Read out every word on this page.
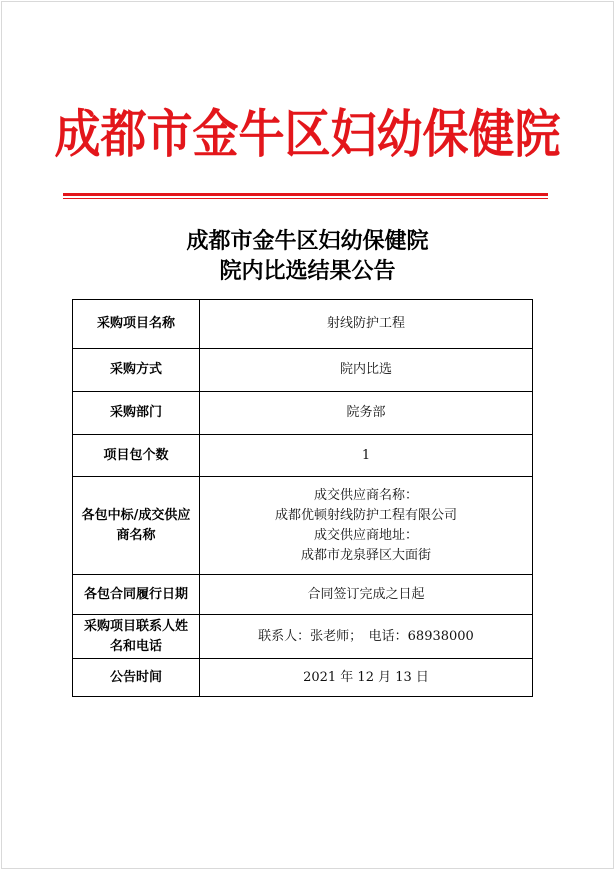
成都市金牛区妇幼保健院
成都市金牛区妇幼保健院
院内比选结果公告
采购项目名称	射线防护工程
采购方式	院内比选
采购部门	院务部
项目包个数	1

各包中标/成交供应
商名称	成交供应商名称：
成都优顿射线防护工程有限公司
成交供应商地址：
成都市龙泉驿区大面街

各包合同履行日期	合同签订完成之日起

采购项目联系人姓
名和电话	联系人：张老师；　电话：68938000
公告时间	2021 年 12 月 13 日
